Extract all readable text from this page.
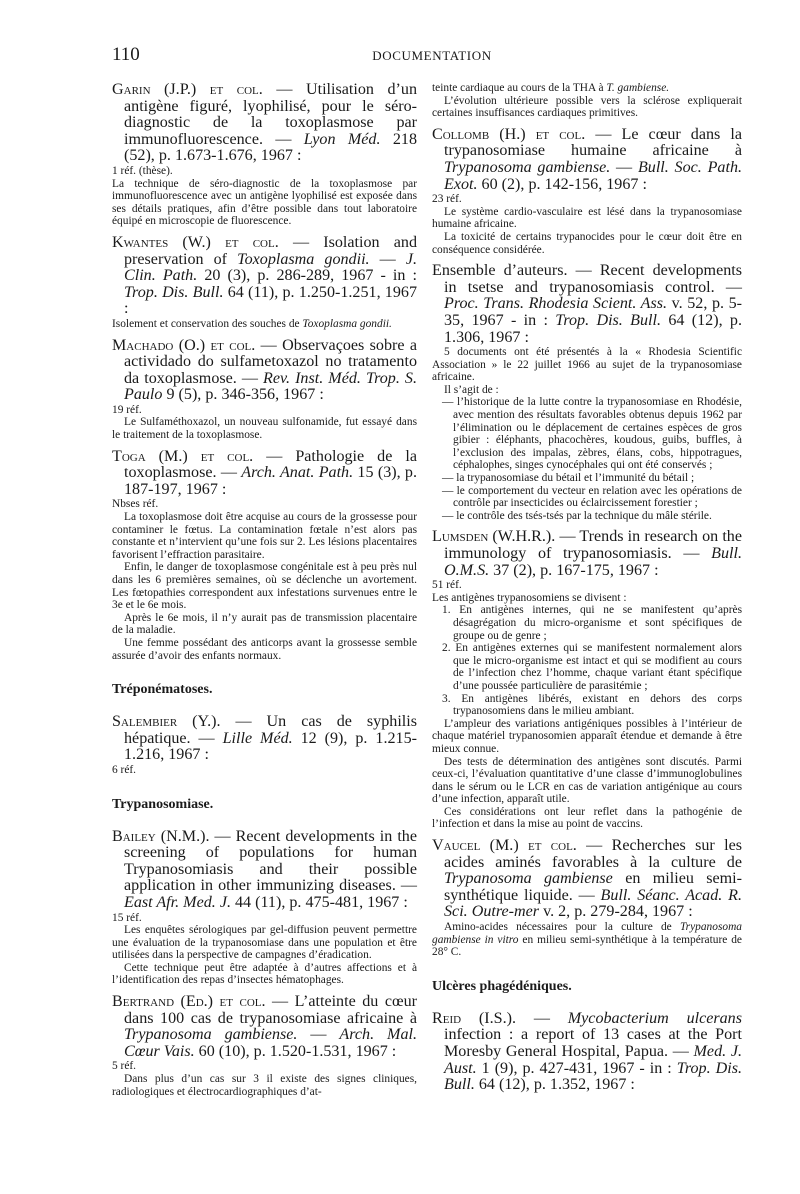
110	DOCUMENTATION
Garin (J.P.) et col. — Utilisation d’un antigène figuré, lyophilisé, pour le séro-diagnostic de la toxoplasmose par immunofluorescence. — Lyon Méd. 218 (52), p. 1.673-1.676, 1967 :

1 réf. (thèse).

La technique de séro-diagnostic de la toxoplasmose par immunofluorescence avec un antigène lyophilisé est exposée dans ses détails pratiques, afin d’être possible dans tout laboratoire équipé en microscopie de fluorescence.

Kwantes (W.) et col. — Isolation and preservation of Toxoplasma gondii. — J. Clin. Path. 20 (3), p. 286-289, 1967 - in : Trop. Dis. Bull. 64 (11), p. 1.250-1.251, 1967 :

Isolement et conservation des souches de Toxoplasma gondii.

Machado (O.) et col. — Observaçoes sobre a actividado do sulfametoxazol no tratamento da toxoplasmose. — Rev. Inst. Méd. Trop. S. Paulo 9 (5), p. 346-356, 1967 :

19 réf.

Le Sulfaméthoxazol, un nouveau sulfonamide, fut essayé dans le traitement de la toxoplasmose.

Toga (M.) et col. — Pathologie de la toxoplasmose. — Arch. Anat. Path. 15 (3), p. 187-197, 1967 :

Nbses réf.

La toxoplasmose doit être acquise au cours de la grossesse pour contaminer le fœtus. La contamination fœtale n’est alors pas constante et n’intervient qu’une fois sur 2. Les lésions placentaires favorisent l’effraction parasitaire.

Enfin, le danger de toxoplasmose congénitale est à peu près nul dans les 6 premières semaines, où se déclenche un avortement. Les fœtopathies correspondent aux infestations survenues entre le 3e et le 6e mois.

Après le 6e mois, il n’y aurait pas de transmission placentaire de la maladie.

Une femme possédant des anticorps avant la grossesse semble assurée d’avoir des enfants normaux.

Tréponématoses.
Salembier (Y.). — Un cas de syphilis hépatique. — Lille Méd. 12 (9), p. 1.215-1.216, 1967 :

6 réf.

Trypanosomiase.
Bailey (N.M.). — Recent developments in the screening of populations for human Trypanosomiasis and their possible application in other immunizing diseases. — East Afr. Med. J. 44 (11), p. 475-481, 1967 :

15 réf.

Les enquêtes sérologiques par gel-diffusion peuvent permettre une évaluation de la trypanosomiase dans une population et être utilisées dans la perspective de campagnes d’éradication.

Cette technique peut être adaptée à d’autres affections et à l’identification des repas d’insectes hématophages.

Bertrand (Ed.) et col. — L’atteinte du cœur dans 100 cas de trypanosomiase africaine à Trypanosoma gambiense. — Arch. Mal. Cœur Vais. 60 (10), p. 1.520-1.531, 1967 :

5 réf.

Dans plus d’un cas sur 3 il existe des signes cliniques, radiologiques et électrocardiographiques d’at-

teinte cardiaque au cours de la THA à T. gambiense.

L’évolution ultérieure possible vers la sclérose expliquerait certaines insuffisances cardiaques primitives.

Collomb (H.) et col. — Le cœur dans la trypanosomiase humaine africaine à Trypanosoma gambiense. — Bull. Soc. Path. Exot. 60 (2), p. 142-156, 1967 :

23 réf.

Le système cardio-vasculaire est lésé dans la trypanosomiase humaine africaine.

La toxicité de certains trypanocides pour le cœur doit être en conséquence considérée.

Ensemble d’auteurs. — Recent developments in tsetse and trypanosomiasis control. — Proc. Trans. Rhodesia Scient. Ass. v. 52, p. 5-35, 1967 - in : Trop. Dis. Bull. 64 (12), p. 1.306, 1967 :

5 documents ont été présentés à la « Rhodesia Scientific Association » le 22 juillet 1966 au sujet de la trypanosomiase africaine.

Il s’agit de :

— l’historique de la lutte contre la trypanosomiase en Rhodésie, avec mention des résultats favorables obtenus depuis 1962 par l’élimination ou le déplacement de certaines espèces de gros gibier : éléphants, phacochères, koudous, guibs, buffles, à l’exclusion des impalas, zèbres, élans, cobs, hippotragues, céphalophes, singes cynocéphales qui ont été conservés ;

— la trypanosomiase du bétail et l’immunité du bétail ;

— le comportement du vecteur en relation avec les opérations de contrôle par insecticides ou éclaircissement forestier ;

— le contrôle des tsés-tsés par la technique du mâle stérile.

Lumsden (W.H.R.). — Trends in research on the immunology of trypanosomiasis. — Bull. O.M.S. 37 (2), p. 167-175, 1967 :

51 réf.

Les antigènes trypanosomiens se divisent :

1. En antigènes internes, qui ne se manifestent qu’après désagrégation du micro-organisme et sont spécifiques de groupe ou de genre ;

2. En antigènes externes qui se manifestent normalement alors que le micro-organisme est intact et qui se modifient au cours de l’infection chez l’homme, chaque variant étant spécifique d’une poussée particulière de parasitémie ;

3. En antigènes libérés, existant en dehors des corps trypanosomiens dans le milieu ambiant.

L’ampleur des variations antigéniques possibles à l’intérieur de chaque matériel trypanosomien apparaît étendue et demande à être mieux connue.

Des tests de détermination des antigènes sont discutés. Parmi ceux-ci, l’évaluation quantitative d’une classe d’immunoglobulines dans le sérum ou le LCR en cas de variation antigénique au cours d’une infection, apparaît utile.

Ces considérations ont leur reflet dans la pathogénie de l’infection et dans la mise au point de vaccins.

Vaucel (M.) et col. — Recherches sur les acides aminés favorables à la culture de Trypanosoma gambiense en milieu semi-synthétique liquide. — Bull. Séanc. Acad. R. Sci. Outre-mer v. 2, p. 279-284, 1967 :

Amino-acides nécessaires pour la culture de Trypanosoma gambiense in vitro en milieu semi-synthétique à la température de 28° C.

Ulcères phagédéniques.
Reid (I.S.). — Mycobacterium ulcerans infection : a report of 13 cases at the Port Moresby General Hospital, Papua. — Med. J. Aust. 1 (9), p. 427-431, 1967 - in : Trop. Dis. Bull. 64 (12), p. 1.352, 1967 :
